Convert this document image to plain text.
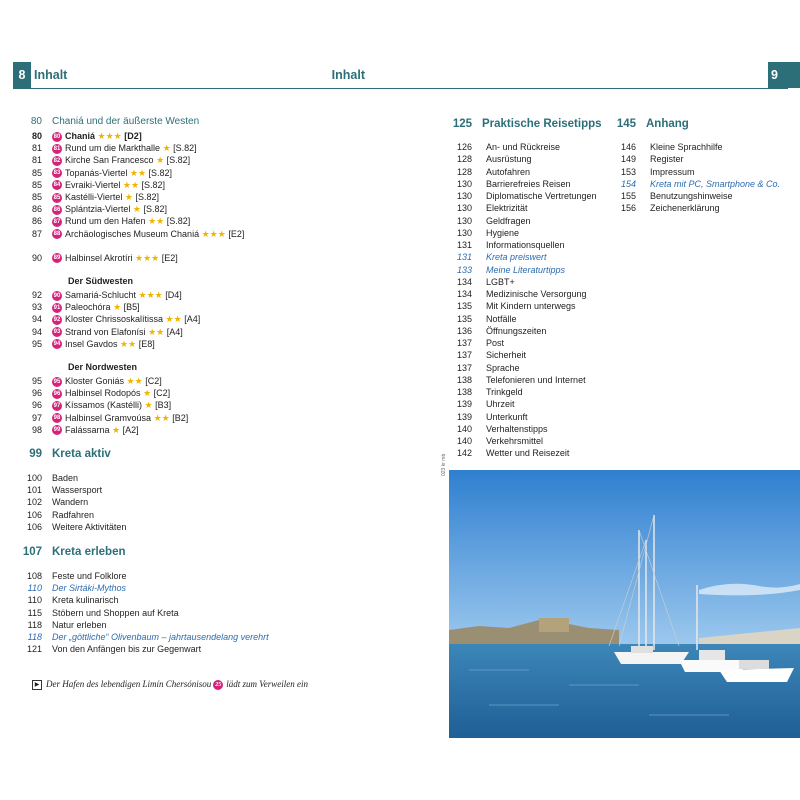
8 Inhalt
80 Chaniá und der äußerste Westen
80 80 Chaniá ★★★ [D2]
81 81 Rund um die Markthalle ★ [S.82]
81 82 Kirche San Francesco ★ [S.82]
85 83 Topanás-Viertel ★★ [S.82]
85 84 Evraiki-Viertel ★★ [S.82]
85 85 Kastélli-Viertel ★ [S.82]
86 86 Splántzia-Viertel ★ [S.82]
86 87 Rund um den Hafen ★★ [S.82]
87 88 Archäologisches Museum Chaniá ★★★ [E2]
90 89 Halbinsel Akrotíri ★★★ [E2]
Der Südwesten
92 90 Samariá-Schlucht ★★★ [D4]
93 91 Paleochóra ★ [B5]
94 92 Kloster Chrissoskalítissa ★★ [A4]
94 93 Strand von Elafonísi ★★ [A4]
95 94 Insel Gavdos ★★ [E8]
Der Nordwesten
95 95 Kloster Goniás ★★ [C2]
96 96 Halbinsel Rodopós ★ [C2]
96 97 Kíssamos (Kastélli) ★ [B3]
97 98 Halbinsel Gramvoúsa ★★ [B2]
98 99 Falássarna ★ [A2]
99 Kreta aktiv
100 Baden
101 Wassersport
102 Wandern
106 Radfahren
106 Weitere Aktivitäten
107 Kreta erleben
108 Feste und Folklore
110 Der Sirtáki-Mythos
110 Kreta kulinarisch
115 Stöbern und Shoppen auf Kreta
118 Natur erleben
118 Der „göttliche“ Olivenbaum – jahrtausendelang verehrt
121 Von den Anfängen bis zur Gegenwart
▶ Der Hafen des lebendigen Limín Chersónisou 25 lädt zum Verweilen ein
Inhalt	9
125 Praktische Reisetipps
126 An- und Rückreise
128 Ausrüstung
128 Autofahren
130 Barrierefreies Reisen
130 Diplomatische Vertretungen
130 Elektrizität
130 Geldfragen
130 Hygiene
131 Informationsquellen
131 Kreta preiswert
133 Meine Literaturtipps
134 LGBT+
134 Medizinische Versorgung
135 Mit Kindern unterwegs
135 Notfälle
136 Öffnungszeiten
137 Post
137 Sicherheit
137 Sprache
138 Telefonieren und Internet
138 Trinkgeld
139 Uhrzeit
139 Unterkunft
140 Verhaltenstipps
140 Verkehrsmittel
142 Wetter und Reisezeit
145 Anhang
146 Kleine Sprachhilfe
149 Register
153 Impressum
154 Kreta mit PC, Smartphone & Co.
155 Benutzungshinweise
156 Zeichenerklärung
023 kr mb
